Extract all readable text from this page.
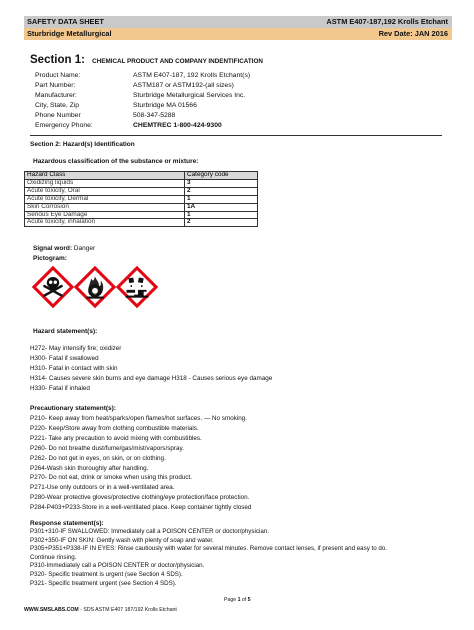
SAFETY DATA SHEET	ASTM E407-187,192 Krolls Etchant
Sturbridge Metallurgical	Rev Date: JAN 2016
Section 1: CHEMICAL PRODUCT AND COMPANY INDENTIFICATION
Product Name:	ASTM E407-187, 192 Krolls Etchant(s)
Part Number:	ASTM187 or ASTM192-(all sizes)
Manufacturer:	Sturbridge Metallurgical Services Inc.
City, State, Zip	Sturbridge MA 01566
Phone Number	508-347-5288
Emergency Phone:	CHEMTREC 1-800-424-9300
Section 2: Hazard(s) Identification
Hazardous classification of the substance or mixture:
Hazard Class	Category code
Oxidizing liquids	3
Acute toxicity, Oral	2
Acute toxicity, Dermal	1
Skin Corrosion	1A
Serious Eye Damage	1
Acute toxicity, inhalation	2
Signal word: Danger
Pictogram:
Hazard statement(s):
H272- May intensify fire; oxidizer
H300- Fatal if swallowed
H310- Fatal in contact with skin
H314- Causes severe skin burns and eye damage H318 - Causes serious eye damage
H330- Fatal if inhaled
Precautionary statement(s):
P210- Keep away from heat/sparks/open flames/hot surfaces. — No smoking.
P220- Keep/Store away from clothing combustible materials.
P221- Take any precaution to avoid mixing with combustibles.
P260- Do not breathe dust/fume/gas/mist/vapors/spray.
P262- Do not get in eyes, on skin, or on clothing.
P264-Wash skin thoroughly after handling.
P270- Do not eat, drink or smoke when using this product.
P271-Use only outdoors or in a well-ventilated area.
P280-Wear protective gloves/protective clothing/eye protection/face protection.
P284-P403+P233-Store in a well-ventilated place. Keep container tightly closed
Response statement(s):
P301+310-IF SWALLOWED: Immediately call a POISON CENTER or doctor/physician.
P302+350-IF ON SKIN: Gently wash with plenty of soap and water.
P305+P351+P338-IF IN EYES: Rinse cautiously with water for several minutes. Remove contact lenses, if present and easy to do.
Continue rinsing.
P310-Immediately call a POISON CENTER or doctor/physician.
P320- Specific treatment is urgent (see Section 4 SDS).
P321- Specific treatment urgent (see Section 4 SDS).
Page 1 of 5
WWW.SMSLABS.COM - SDS ASTM E407 187/192 Krolls Etchant
